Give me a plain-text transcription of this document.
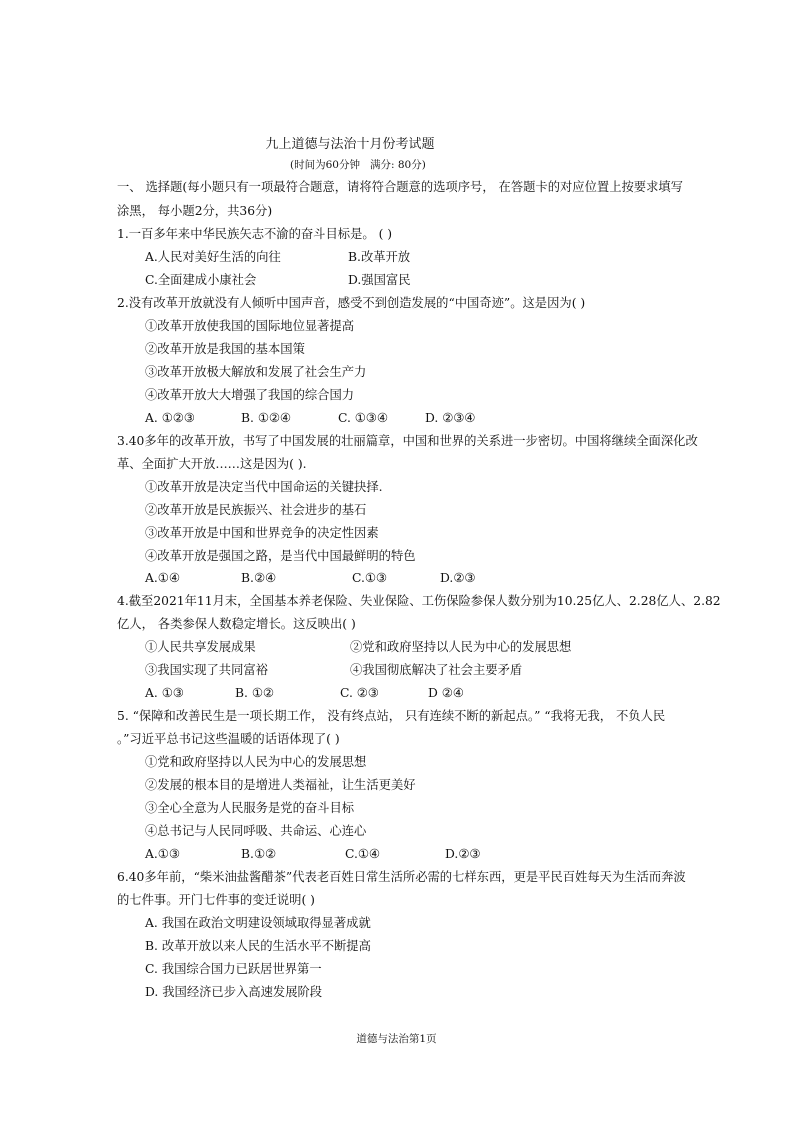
九上道德与法治十月份考试题
(时间为60分钟   满分: 80分)
一、 选择题(每小题只有一项最符合题意，请将符合题意的选项序号， 在答题卡的对应位置上按要求填写
涂黑， 每小题2分，共36分)
1.一百多年来中华民族矢志不渝的奋斗目标是。 ( )
A.人民对美好生活的向往	B.改革开放
C.全面建成小康社会	D.强国富民
2.没有改革开放就没有人倾听中国声音，感受不到创造发展的“中国奇迹”。这是因为( )
①改革开放使我国的国际地位显著提高
②改革开放是我国的基本国策
③改革开放极大解放和发展了社会生产力
④改革开放大大增强了我国的综合国力
A. ①②③	B. ①②④	C. ①③④	D. ②③④
3.40多年的改革开放，书写了中国发展的壮丽篇章，中国和世界的关系进一步密切。中国将继续全面深化改
革、全面扩大开放……这是因为( ).
①改革开放是决定当代中国命运的关键抉择.
②改革开放是民族振兴、社会进步的基石
③改革开放是中国和世界竞争的决定性因素
④改革开放是强国之路，是当代中国最鲜明的特色
A.①④	B.②④	C.①③	D.②③
4.截至2021年11月末，全国基本养老保险、失业保险、工伤保险参保人数分别为10.25亿人、2.28亿人、2.82
亿人， 各类参保人数稳定增长。这反映出( )
①人民共享发展成果	②党和政府坚持以人民为中心的发展思想
③我国实现了共同富裕	④我国彻底解决了社会主要矛盾
A. ①③	B. ①②	C. ②③	D ②④
5. “保障和改善民生是一项长期工作， 没有终点站， 只有连续不断的新起点。” “我将无我， 不负人民
。”习近平总书记这些温暖的话语体现了( )
①党和政府坚持以人民为中心的发展思想
②发展的根本目的是增进人类福祉，让生活更美好
③全心全意为人民服务是党的奋斗目标
④总书记与人民同呼吸、共命运、心连心
A.①③	B.①②	C.①④	D.②③
6.40多年前，“柴米油盐酱醋茶”代表老百姓日常生活所必需的七样东西，更是平民百姓每天为生活而奔波
的七件事。开门七件事的变迁说明( )
A. 我国在政治文明建设领域取得显著成就
B. 改革开放以来人民的生活水平不断提高
C. 我国综合国力已跃居世界第一
D. 我国经济已步入高速发展阶段
道德与法治第1页
